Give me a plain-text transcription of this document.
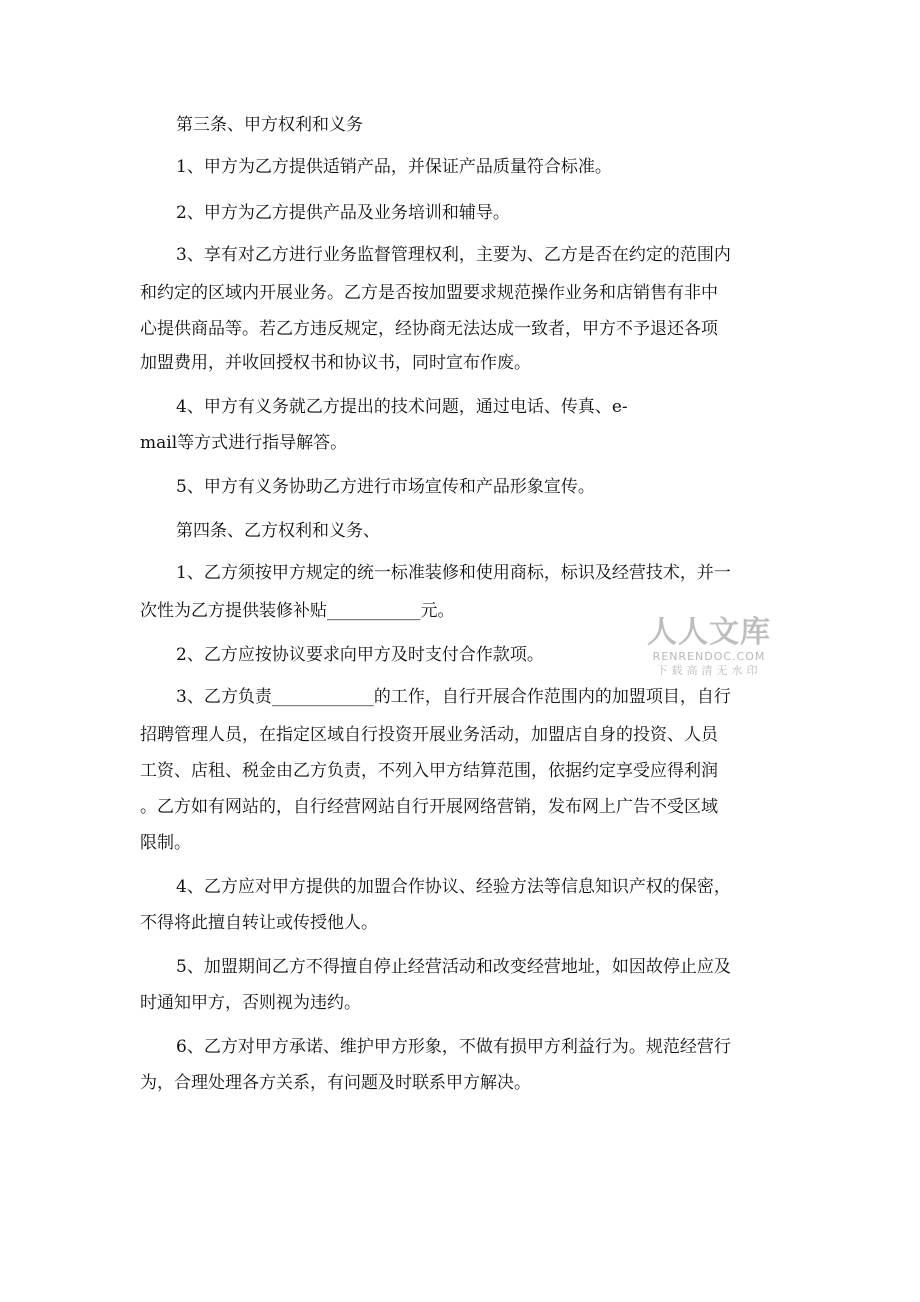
第三条、甲方权利和义务
1、甲方为乙方提供适销产品，并保证产品质量符合标准。
2、甲方为乙方提供产品及业务培训和辅导。
3、享有对乙方进行业务监督管理权利，主要为、乙方是否在约定的范围内
和约定的区域内开展业务。乙方是否按加盟要求规范操作业务和店销售有非中
心提供商品等。若乙方违反规定，经协商无法达成一致者，甲方不予退还各项
加盟费用，并收回授权书和协议书，同时宣布作废。
4、甲方有义务就乙方提出的技术问题，通过电话、传真、e-
mail等方式进行指导解答。
5、甲方有义务协助乙方进行市场宣传和产品形象宣传。
第四条、乙方权利和义务、
1、乙方须按甲方规定的统一标准装修和使用商标，标识及经营技术，并一
次性为乙方提供装修补贴___________元。
2、乙方应按协议要求向甲方及时支付合作款项。
3、乙方负责____________的工作，自行开展合作范围内的加盟项目，自行
招聘管理人员，在指定区域自行投资开展业务活动，加盟店自身的投资、人员
工资、店租、税金由乙方负责，不列入甲方结算范围，依据约定享受应得利润
。乙方如有网站的，自行经营网站自行开展网络营销，发布网上广告不受区域
限制。
4、乙方应对甲方提供的加盟合作协议、经验方法等信息知识产权的保密，
不得将此擅自转让或传授他人。
5、加盟期间乙方不得擅自停止经营活动和改变经营地址，如因故停止应及
时通知甲方，否则视为违约。
6、乙方对甲方承诺、维护甲方形象，不做有损甲方利益行为。规范经营行
为，合理处理各方关系，有问题及时联系甲方解决。
人人文库
RENRENDOC.COM
下载高清无水印
